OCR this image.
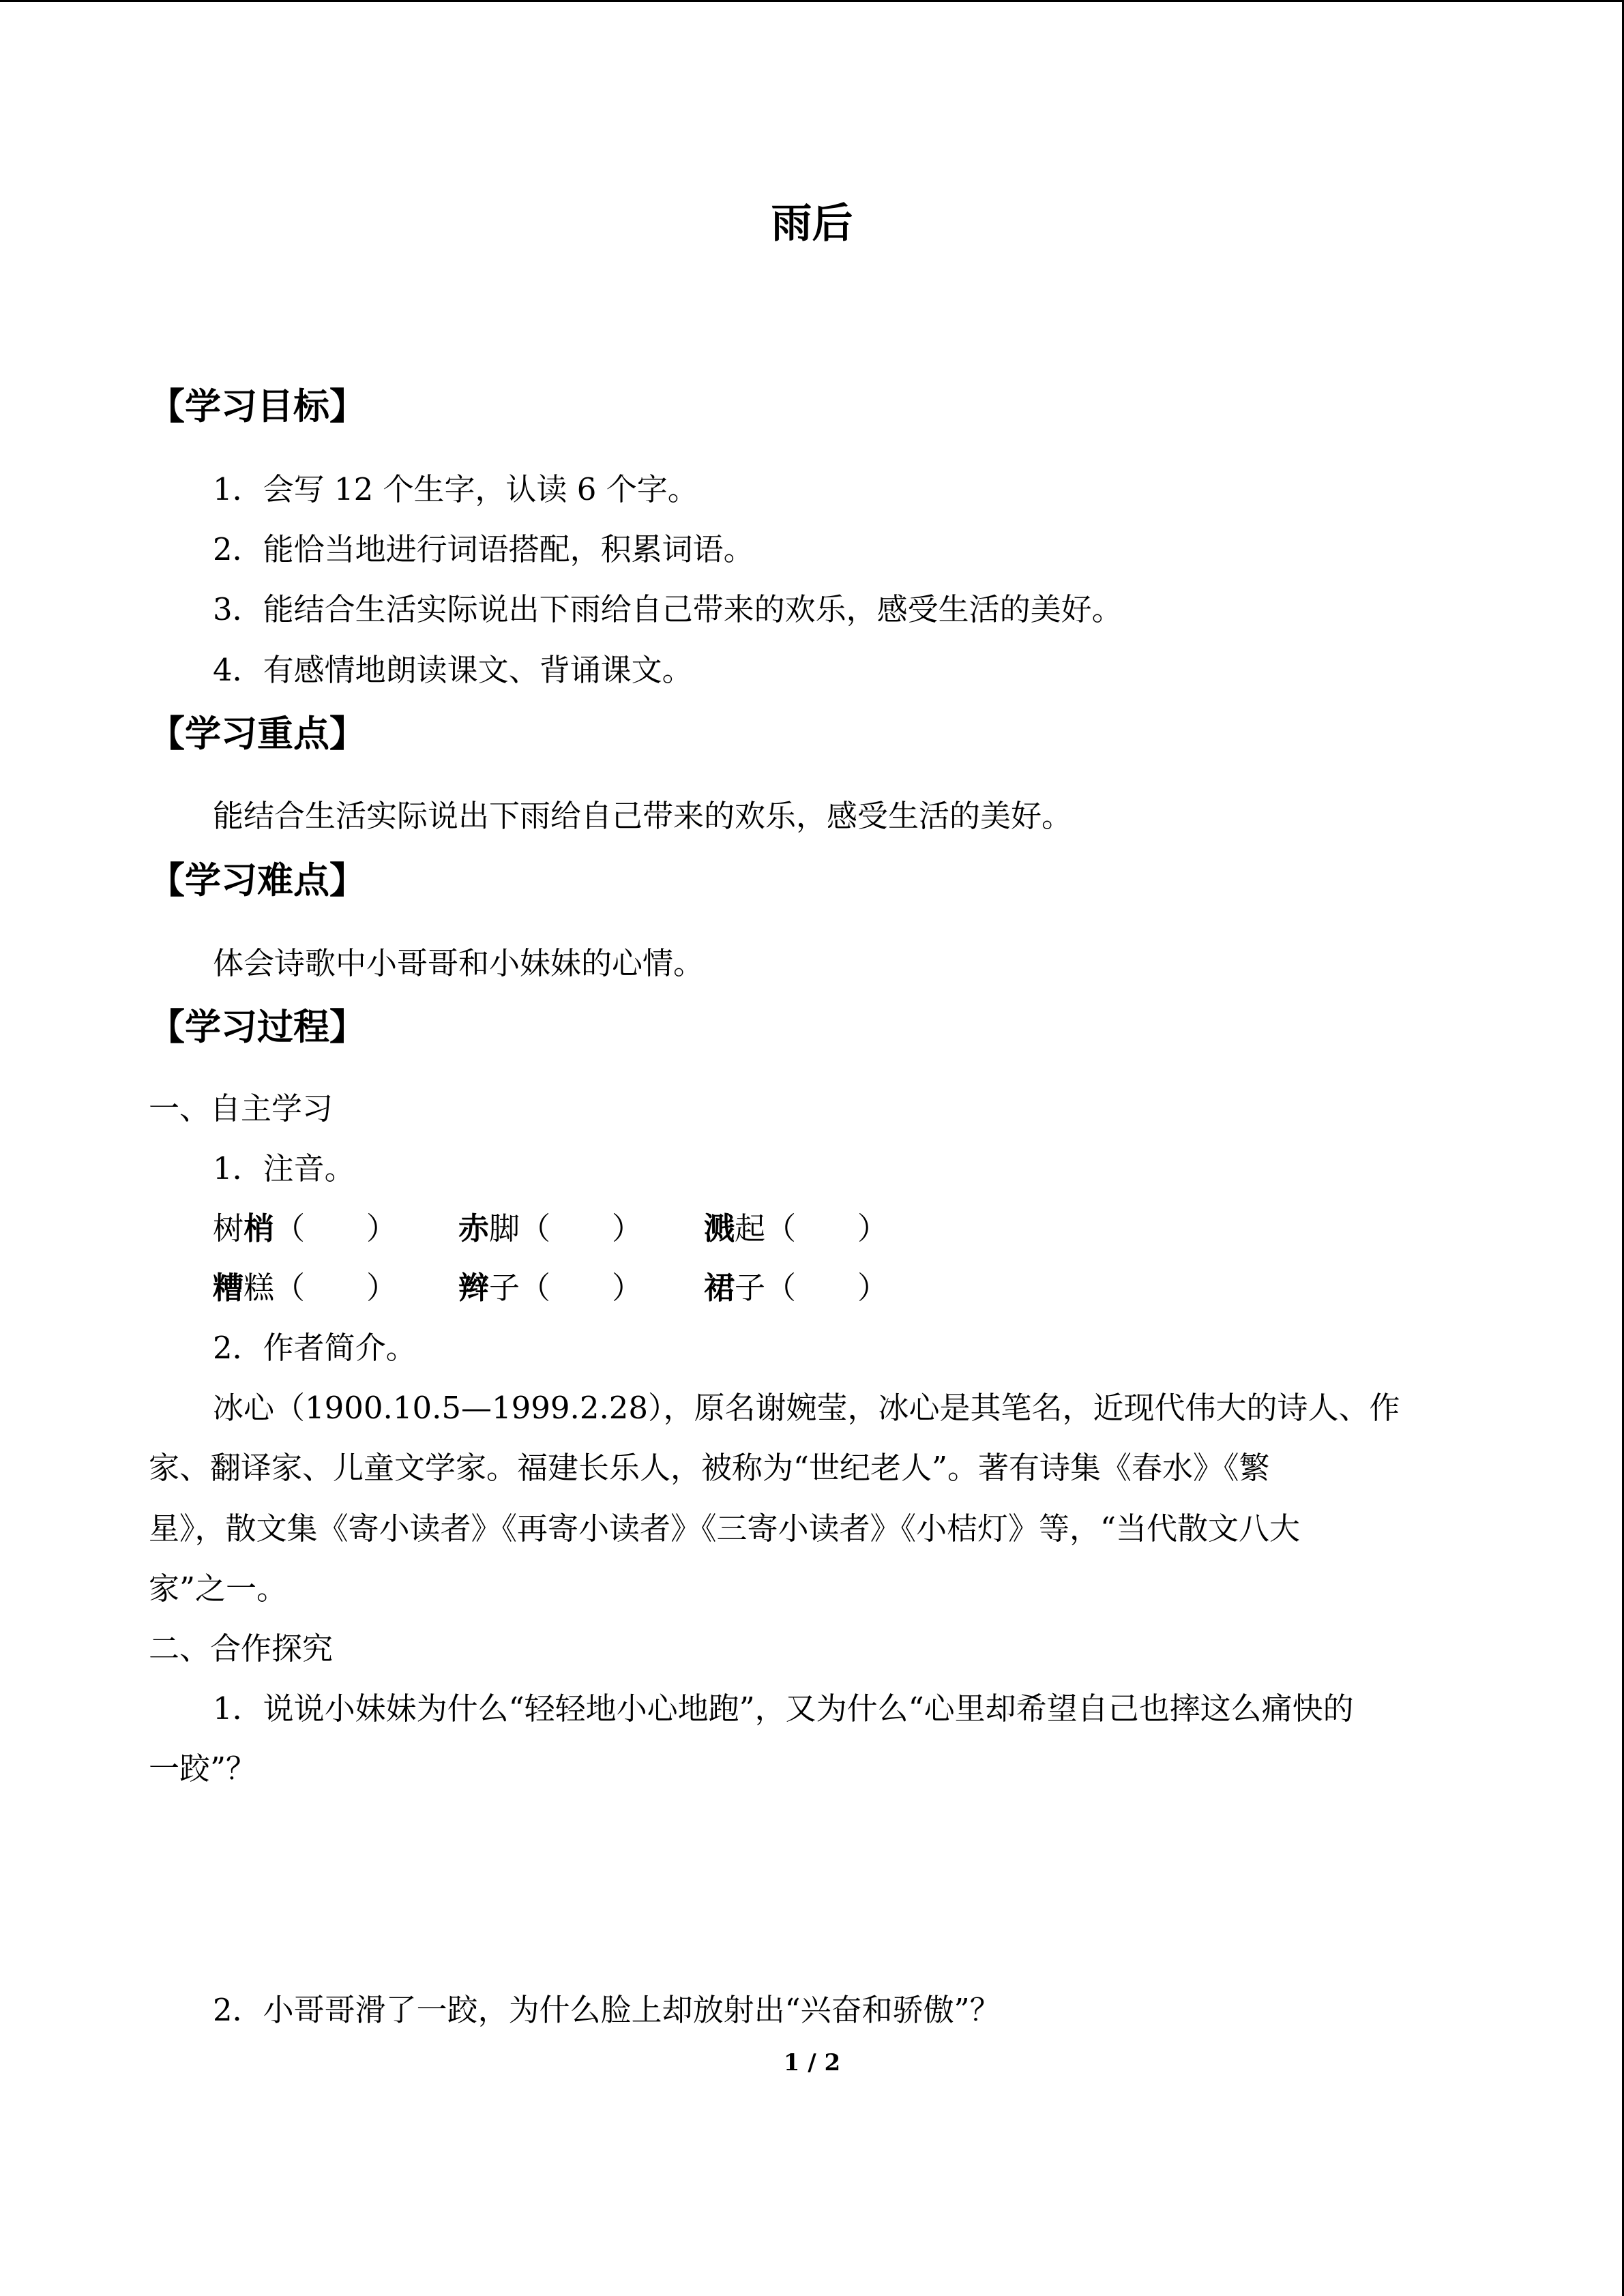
雨后
【学习目标】
1．会写 12 个生字，认读 6 个字。
2．能恰当地进行词语搭配，积累词语。
3．能结合生活实际说出下雨给自己带来的欢乐，感受生活的美好。
4．有感情地朗读课文、背诵课文。
【学习重点】
能结合生活实际说出下雨给自己带来的欢乐，感受生活的美好。
【学习难点】
体会诗歌中小哥哥和小妹妹的心情。
【学习过程】
一、自主学习
1．注音。
树梢（ ） 赤脚（ ） 溅起（ ）
糟糕（ ） 辫子（ ） 裙子（ ）
2．作者简介。
冰心（1900.10.5—1999.2.28），原名谢婉莹，冰心是其笔名，近现代伟大的诗人、作
家、翻译家、儿童文学家。福建长乐人，被称为“世纪老人”。著有诗集《春水》《繁
星》，散文集《寄小读者》《再寄小读者》《三寄小读者》《小桔灯》等，“当代散文八大
家”之一。
二、合作探究
1．说说小妹妹为什么“轻轻地小心地跑”，又为什么“心里却希望自己也摔这么痛快的
一跤”？
2．小哥哥滑了一跤，为什么脸上却放射出“兴奋和骄傲”？
1 / 2
